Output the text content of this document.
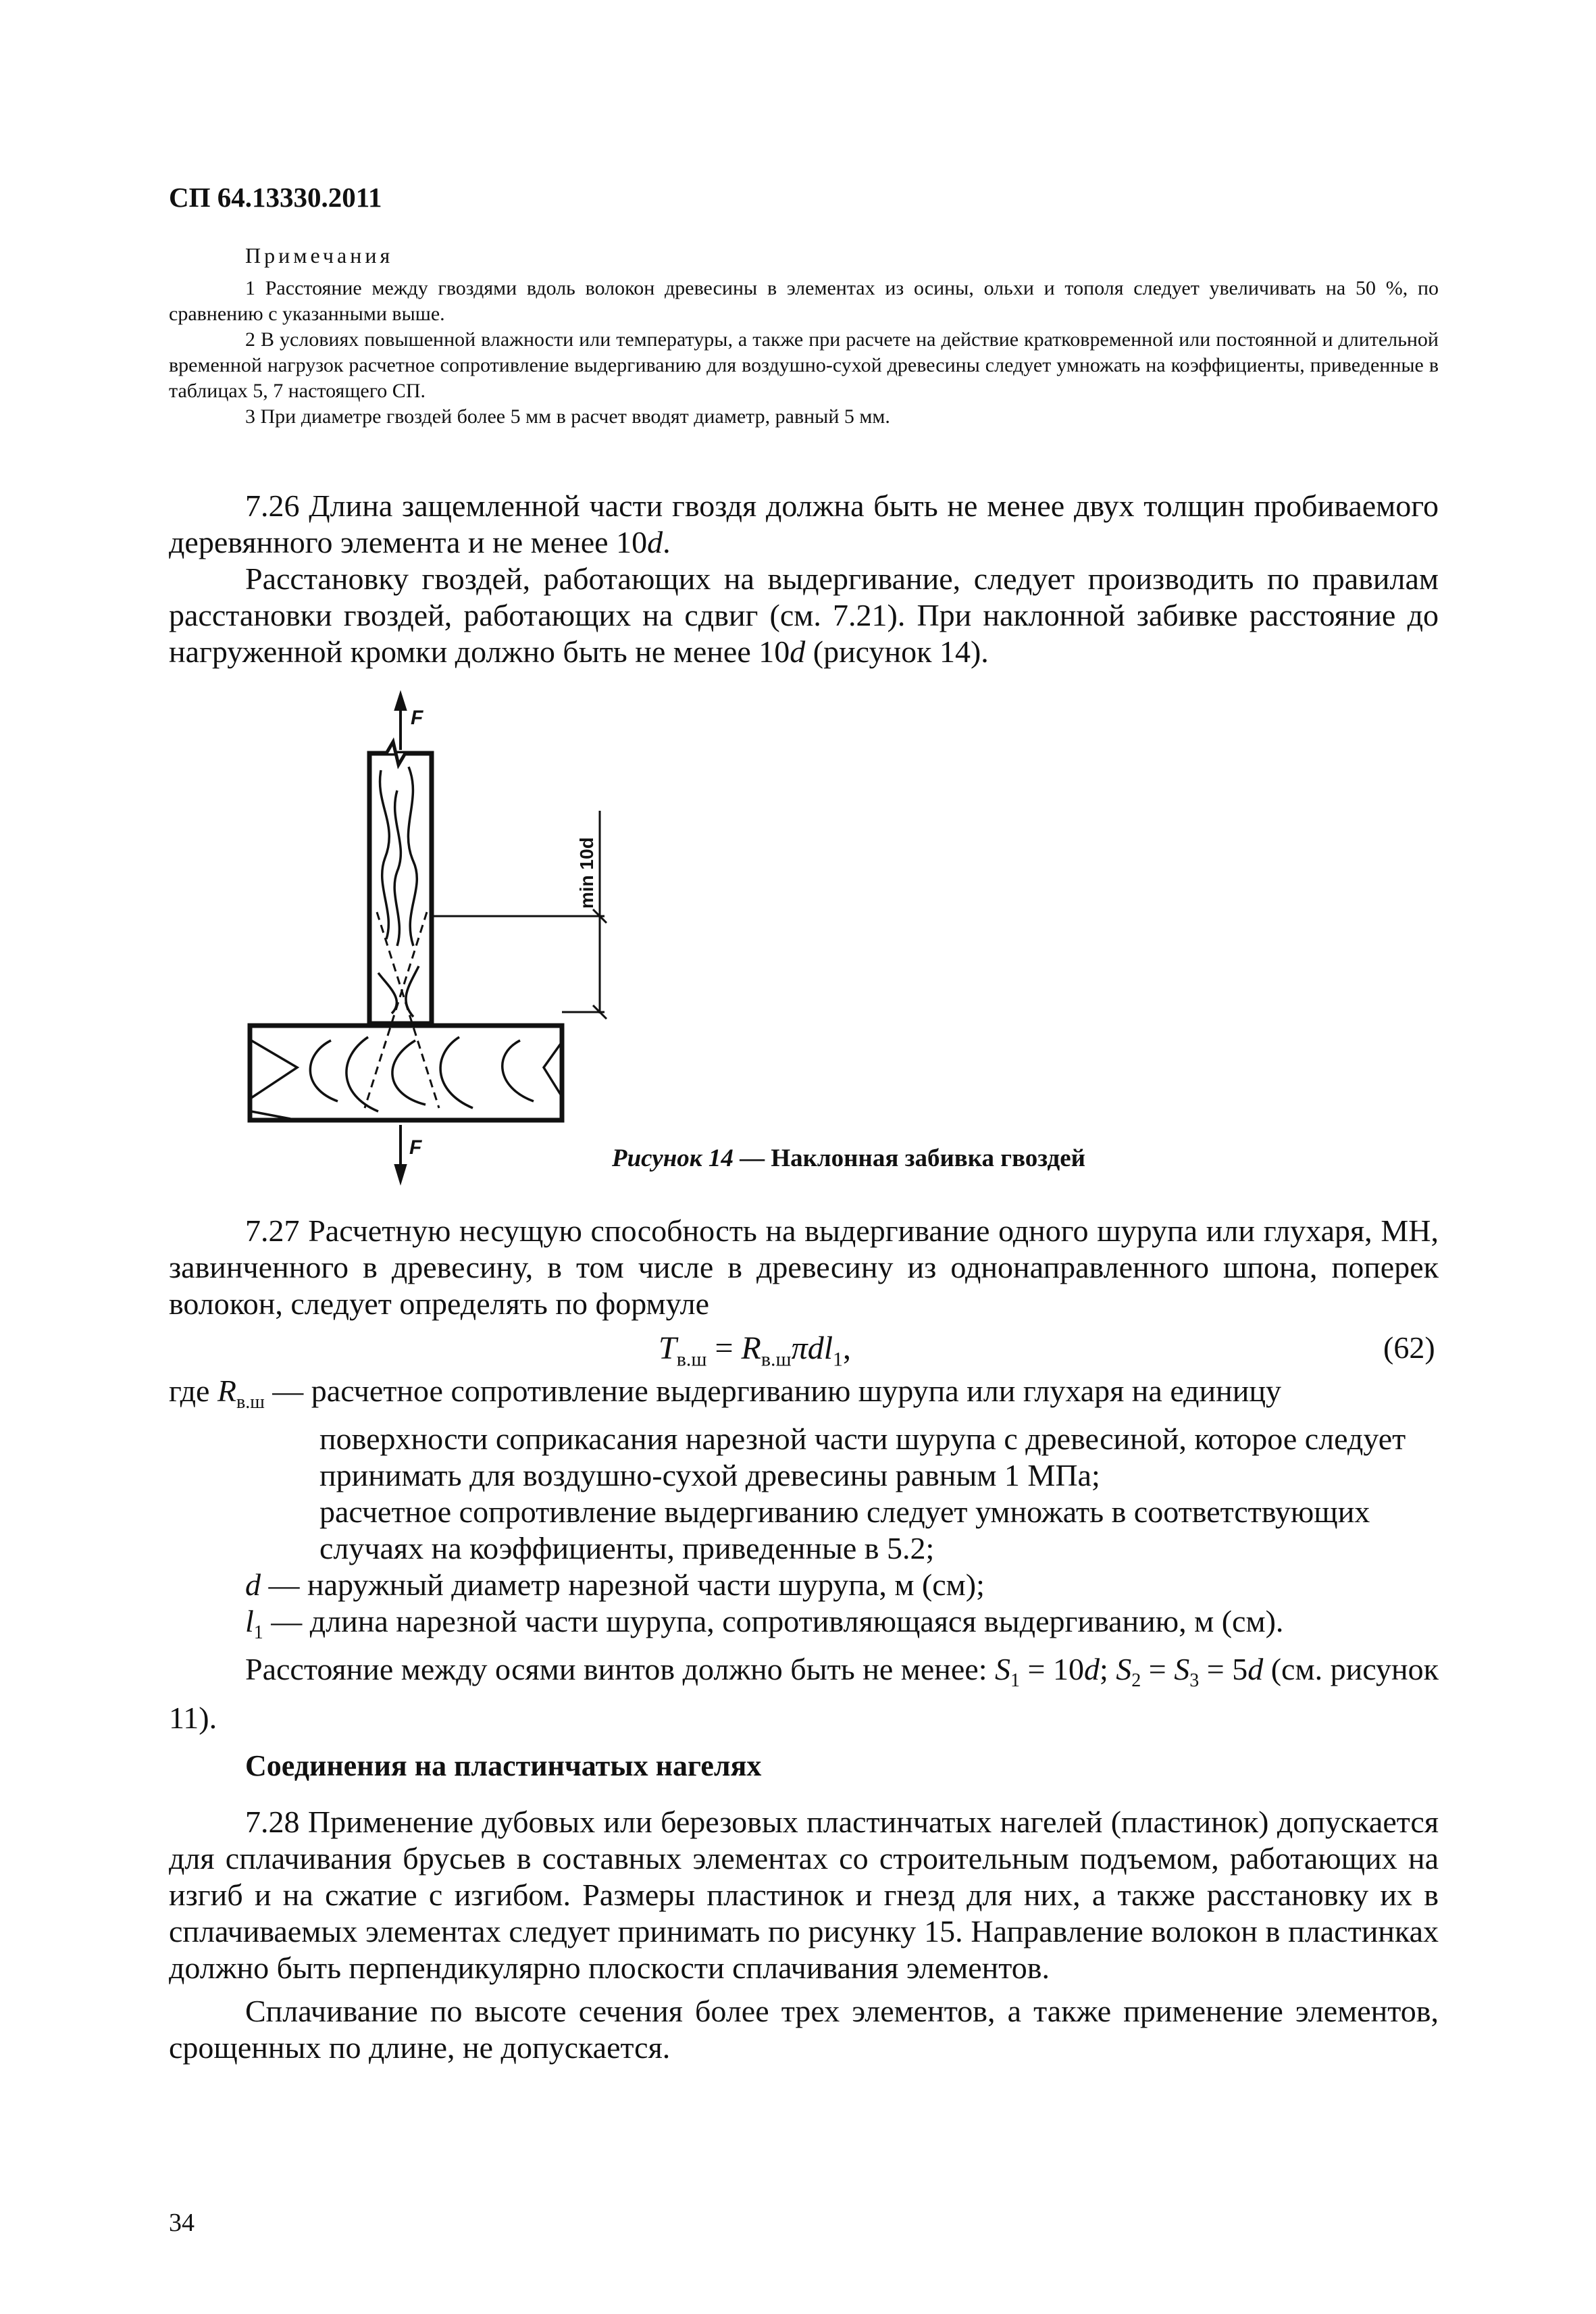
СП 64.13330.2011
Примечания

1 Расстояние между гвоздями вдоль волокон древесины в элементах из осины, ольхи и тополя следует увеличивать на 50 %, по сравнению с указанными выше.

2 В условиях повышенной влажности или температуры, а также при расчете на действие кратковременной или постоянной и длительной временной нагрузок расчетное сопротивление выдергиванию для воздушно-сухой древесины следует умножать на коэффициенты, приведенные в таблицах 5, 7 настоящего СП.

3 При диаметре гвоздей более 5 мм в расчет вводят диаметр, равный 5 мм.

7.26 Длина защемленной части гвоздя должна быть не менее двух толщин пробиваемого деревянного элемента и не менее 10d.

Расстановку гвоздей, работающих на выдергивание, следует производить по правилам расстановки гвоздей, работающих на сдвиг (см. 7.21). При наклонной забивке расстояние до нагруженной кромки должно быть не менее 10d (рисунок 14).

F
F
min 10d
Рисунок 14 — Наклонная забивка гвоздей

7.27 Расчетную несущую способность на выдергивание одного шурупа или глухаря, МН, завинченного в древесину, в том числе в древесину из однонаправленного шпона, поперек волокон, следует определять по формуле

$T_{в.ш} = R_{в.ш}\pi dl_1$,	(62)

где $R_{в.ш}$ — расчетное сопротивление выдергиванию шурупа или глухаря на единицу

поверхности соприкасания нарезной части шурупа с древесиной, которое следует

принимать для воздушно-сухой древесины равным 1 МПа;

расчетное сопротивление выдергиванию следует умножать в соответствующих

случаях на коэффициенты, приведенные в 5.2;

d — наружный диаметр нарезной части шурупа, м (см);

$l_1$ — длина нарезной части шурупа, сопротивляющаяся выдергиванию, м (см).

Расстояние между осями винтов должно быть не менее: $S_1 = 10d$; $S_2 = S_3 = 5d$ (см. рисунок 11).

Соединения на пластинчатых нагелях

7.28 Применение дубовых или березовых пластинчатых нагелей (пластинок) допускается для сплачивания брусьев в составных элементах со строительным подъемом, работающих на изгиб и на сжатие с изгибом. Размеры пластинок и гнезд для них, а также расстановку их в сплачиваемых элементах следует принимать по рисунку 15. Направление волокон в пластинках должно быть перпендикулярно плоскости сплачивания элементов.

Сплачивание по высоте сечения более трех элементов, а также применение элементов, срощенных по длине, не допускается.

34
